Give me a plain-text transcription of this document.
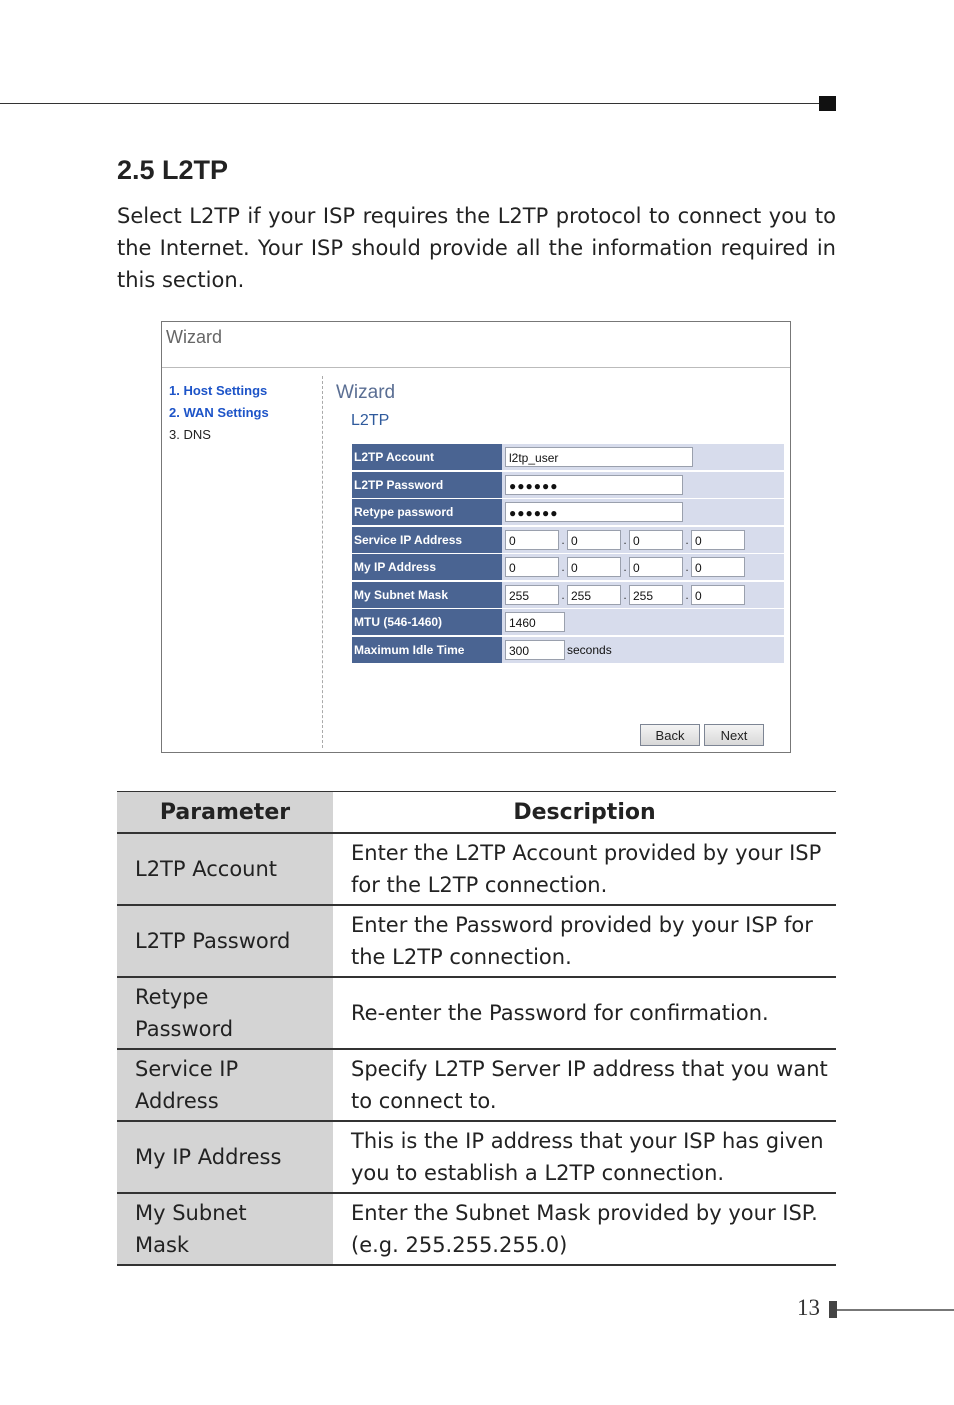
2.5 L2TP

Select L2TP if your ISP requires the L2TP protocol to connect you to the Internet. Your ISP should provide all the information required in this section.

Wizard
1. Host Settings
2. WAN Settings
3. DNS
Wizard
L2TP
L2TP Account	l2tp_user
L2TP Password	●●●●●●
Retype password	●●●●●●
Service IP Address	0	. 0	. 0	. 0
My IP Address	0	. 0	. 0	. 0
My Subnet Mask	255	. 255	. 255	. 0
MTU (546-1460)	1460
Maximum Idle Time	300	seconds
Back	Next
Parameter	Description
L2TP Account	Enter the L2TP Account provided by your ISP for the L2TP connection.
L2TP Password	Enter the Password provided by your ISP for the L2TP connection.
Retype Password	Re-enter the Password for confirmation.
Service IP Address	Specify L2TP Server IP address that you want to connect to.
My IP Address	This is the IP address that your ISP has given you to establish a L2TP connection.
My Subnet Mask	Enter the Subnet Mask provided by your ISP. (e.g. 255.255.255.0)
13
